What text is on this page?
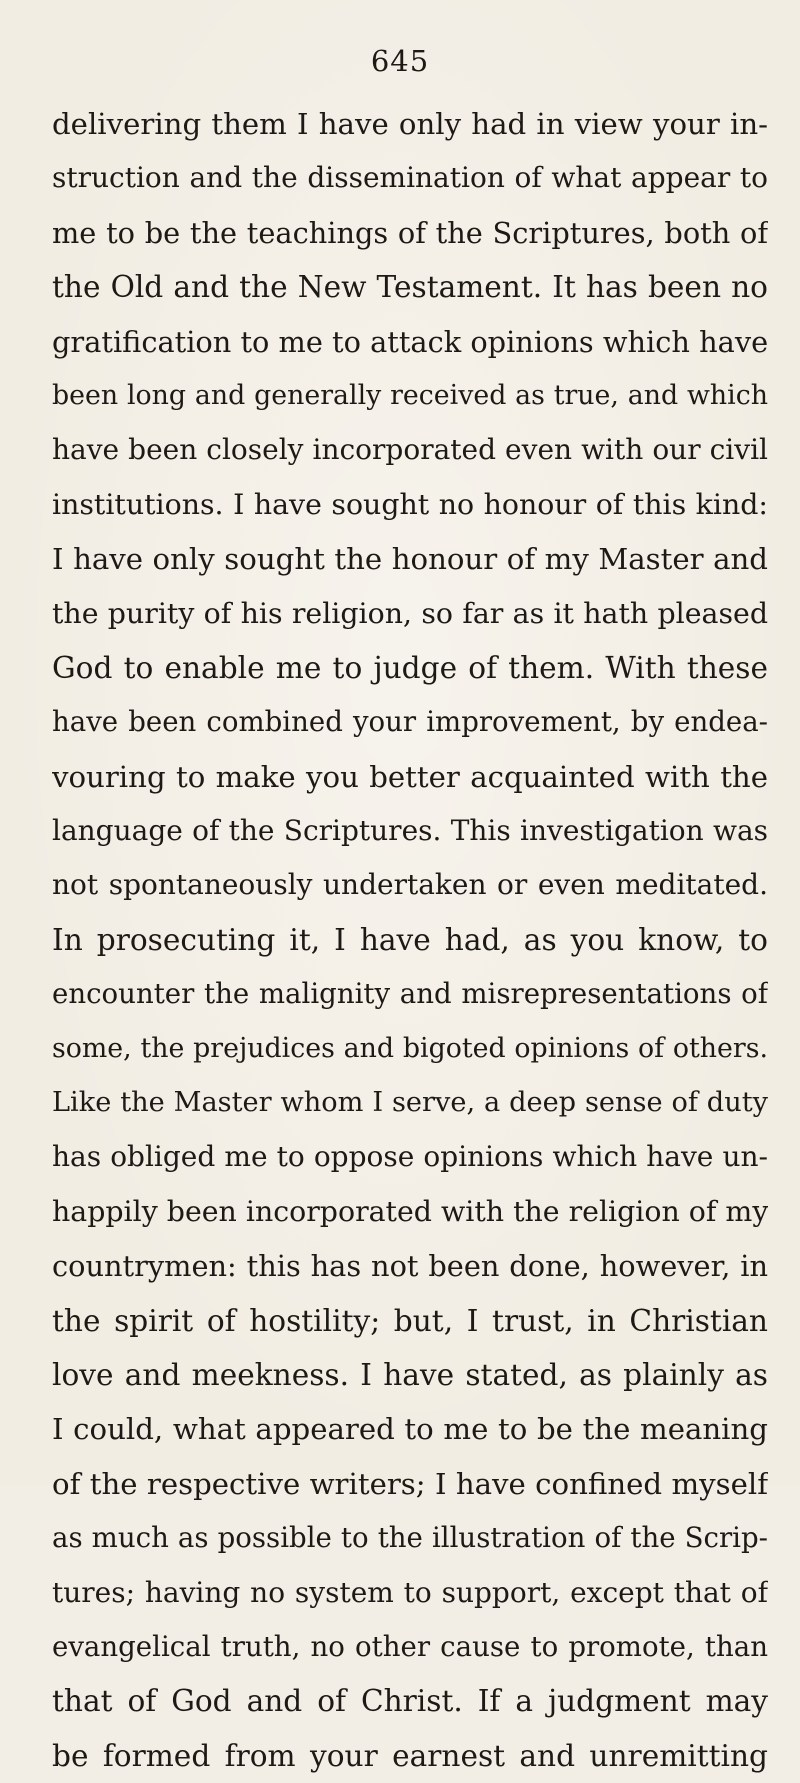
645
delivering them I have only had in view your in-
struction and the dissemination of what appear to
me to be the teachings of the Scriptures, both of
the Old and the New Testament. It has been no
gratification to me to attack opinions which have
been long and generally received as true, and which
have been closely incorporated even with our civil
institutions. I have sought no honour of this kind:
I have only sought the honour of my Master and
the purity of his religion, so far as it hath pleased
God to enable me to judge of them. With these
have been combined your improvement, by endea-
vouring to make you better acquainted with the
language of the Scriptures. This investigation was
not spontaneously undertaken or even meditated.
In prosecuting it, I have had, as you know, to
encounter the malignity and misrepresentations of
some, the prejudices and bigoted opinions of others.
Like the Master whom I serve, a deep sense of duty
has obliged me to oppose opinions which have un-
happily been incorporated with the religion of my
countrymen: this has not been done, however, in
the spirit of hostility; but, I trust, in Christian
love and meekness. I have stated, as plainly as
I could, what appeared to me to be the meaning
of the respective writers; I have confined myself
as much as possible to the illustration of the Scrip-
tures; having no system to support, except that of
evangelical truth, no other cause to promote, than
that of God and of Christ. If a judgment may
be formed from your earnest and unremitting
